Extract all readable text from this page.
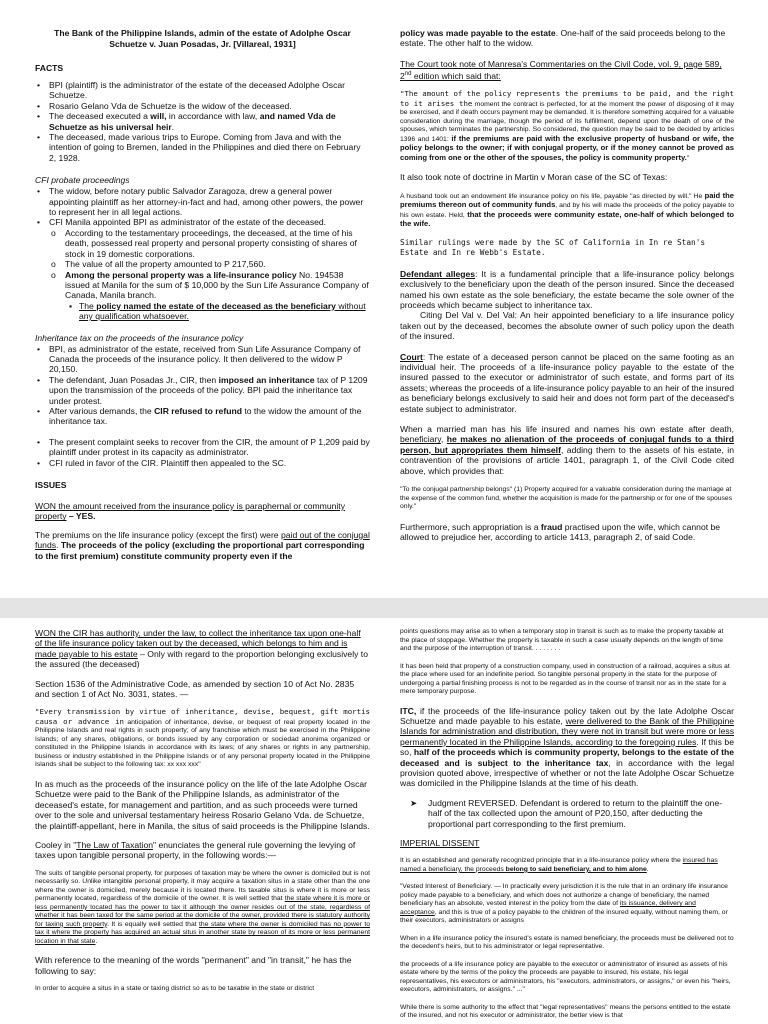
The Bank of the Philippine Islands, admin of the estate of Adolphe Oscar Schuetze v. Juan Posadas, Jr. [Villareal, 1931]

FACTS

• BPI (plaintiff) is the administrator of the estate of the deceased Adolphe Oscar Schuetze.
• Rosario Gelano Vda de Schuetze is the widow of the deceased.
• The deceased executed a will, in accordance with law, and named Vda de Schuetze as his universal heir.
• The deceased, made various trips to Europe. Coming from Java and with the intention of going to Bremen, landed in the Philippines and died there on February 2, 1928.

CFI probate proceedings

• The widow, before notary public Salvador Zaragoza, drew a general power appointing plaintiff as her attorney-in-fact and had, among other powers, the power to represent her in all legal actions.
• CFI Manila appointed BPI as administrator of the estate of the deceased.
o According to the testamentary proceedings, the deceased, at the time of his death, possessed real property and personal property consisting of shares of stock in 19 domestic corporations.
o The value of all the property amounted to P 217,560.
o Among the personal property was a life-insurance policy No. 194538 issued at Manila for the sum of $ 10,000 by the Sun Life Assurance Company of Canada, Manila branch.
▪ The policy named the estate of the deceased as the beneficiary without any qualification whatsoever.

Inheritance tax on the proceeds of the insurance policy

• BPI, as administrator of the estate, received from Sun Life Assurance Company of Canada the proceeds of the insurance policy. It then delivered to the widow P 20,150.
• The defendant, Juan Posadas Jr., CIR, then imposed an inheritance tax of P 1209 upon the transmission of the proceeds of the policy. BPI paid the inheritance tax under protest.
• After various demands, the CIR refused to refund to the widow the amount of the inheritance tax.
• The present complaint seeks to recover from the CIR, the amount of P 1,209 paid by plaintiff under protest in its capacity as administrator.
• CFI ruled in favor of the CIR. Plaintiff then appealed to the SC.

ISSUES

WON the amount received from the insurance policy is paraphernal or community property – YES.

The premiums on the life insurance policy (except the first) were paid out of the conjugal funds. The proceeds of the policy (excluding the proportional part corresponding to the first premium) constitute community property even if the

policy was made payable to the estate. One-half of the said proceeds belong to the estate. The other half to the widow.

The Court took note of Manresa's Commentaries on the Civil Code, vol. 9, page 589, 2nd edition which said that:

"The amount of the policy represents the premiums to be paid, and the right to it arises the moment the contract is perfected, for at the moment the power of disposing of it may be exercised, and if death occurs payment may be demanded. It is therefore something acquired for a valuable consideration during the marriage, though the period of its fulfillment, depend upon the death of one of the spouses, which terminates the partnership. So considered, the question may be said to be decided by articles 1396 and 1401: if the premiums are paid with the exclusive property of husband or wife, the policy belongs to the owner; if with conjugal property, or if the money cannot be proved as coming from one or the other of the spouses, the policy is community property."

It also took note of doctrine in Martin v Moran case of the SC of Texas:

A husband took out an endowment life insurance policy on his life, payable "as directed by will." He paid the premiums thereon out of community funds, and by his will made the proceeds of the policy payable to his own estate. Held, that the proceeds were community estate, one-half of which belonged to the wife.

Similar rulings were made by the SC of California in In re Stan's Estate and In re Webb's Estate.

Defendant alleges: It is a fundamental principle that a life-insurance policy belongs exclusively to the beneficiary upon the death of the person insured. Since the deceased named his own estate as the sole beneficiary, the estate became the sole owner of the proceeds which became subject to inheritance tax.

Citing Del Val v. Del Val: An heir appointed beneficiary to a life insurance policy taken out by the deceased, becomes the absolute owner of such policy upon the death of the insured.

Court: The estate of a deceased person cannot be placed on the same footing as an individual heir. The proceeds of a life-insurance policy payable to the estate of the insured passed to the executor or administrator of such estate, and forms part of its assets; whereas the proceeds of a life-insurance policy payable to an heir of the insured as beneficiary belongs exclusively to said heir and does not form part of the deceased's estate subject to administrator.

When a married man has his life insured and names his own estate after death, beneficiary, he makes no alienation of the proceeds of conjugal funds to a third person, but appropriates them himself, adding them to the assets of his estate, in contravention of the provisions of article 1401, paragraph 1, of the Civil Code cited above, which provides that:

"To the conjugal partnership belongs" (1) Property acquired for a valuable consideration during the marriage at the expense of the common fund, whether the acquisition is made for the partnership or for one of the spouses only."

Furthermore, such appropriation is a fraud practised upon the wife, which cannot be allowed to prejudice her, according to article 1413, paragraph 2, of said Code.

WON the CIR has authority, under the law, to collect the inheritance tax upon one-half of the life insurance policy taken out by the deceased, which belongs to him and is made payable to his estate – Only with regard to the proportion belonging exclusively to the assured (the deceased)

Section 1536 of the Administrative Code, as amended by section 10 of Act No. 2835 and section 1 of Act No. 3031, states. —

"Every transmission by virtue of inheritance, devise, bequest, gift mortis causa or advance in anticipation of inheritance, devise, or bequest of real property located in the Philippine Islands and real rights in such property; of any franchise which must be exercised in the Philippine Islands; of any shares, obligations, or bonds issued by any corporation or sociedad anonima organized or constituted in the Philippine Islands in accordance with its laws; of any shares or rights in any partnership, business or industry established in the Philippine Islands or of any personal property located in the Philippine Islands shall be subject to the following tax: xx xxx xxx"

In as much as the proceeds of the insurance policy on the life of the late Adolphe Oscar Schuetze were paid to the Bank of the Philippine Islands, as administrator of the deceased's estate, for management and partition, and as such proceeds were turned over to the sole and universal testamentary heiress Rosario Gelano Vda. de Schuetze, the plaintiff-appellant, here in Manila, the situs of said proceeds is the Philippine Islands.

Cooley in "The Law of Taxation" enunciates the general rule governing the levying of taxes upon tangible personal property, in the following words:—

The suits of tangible personal property, for purposes of taxation may be where the owner is domiciled but is not necessarily so. Unlike intangible personal property, it may acquire a taxation situs in a state other than the one where the owner is domiciled, merely because it is located there. Its taxable situs is where it is more or less permanently located, regardless of the domicile of the owner. It is well settled that the state where it is more or less permanently located has the power to tax it although the owner resides out of the state, regardless of whether it has been taxed for the same period at the domicile of the owner, provided there is statutory authority for taxing such property. It is equally well settled that the state where the owner is domiciled has no power to tax it where the property has acquired an actual situs in another state by reason of its more or less permanent location in that state.

With reference to the meaning of the words "permanent" and "in transit," he has the following to say:

In order to acquire a situs in a state or taxing district so as to be taxable in the state or district

points questions may arise as to when a temporary stop in transit is such as to make the property taxable at the place of stoppage. Whether the property is taxable in such a case usually depends on the length of time and the purpose of the interruption of transit. . . . . . . .

It has been held that property of a construction company, used in construction of a railroad, acquires a situs at the place where used for an indefinite period. So tangible personal property in the state for the purpose of undergoing a partial finishing process is not to be regarded as in the course of transit nor as in the state for a mere temporary purpose.

ITC, if the proceeds of the life-insurance policy taken out by the late Adolphe Oscar Schuetze and made payable to his estate, were delivered to the Bank of the Philippine Islands for administration and distribution, they were not in transit but were more or less permanently located in the Philippine Islands, according to the foregoing rules. If this be so, half of the proceeds which is community property, belongs to the estate of the deceased and is subject to the inheritance tax, in accordance with the legal provision quoted above, irrespective of whether or not the late Adolphe Oscar Schuetze was domiciled in the Philippine Islands at the time of his death.

➤ Judgment REVERSED. Defendant is ordered to return to the plaintiff the one-half of the tax collected upon the amount of P20,150, after deducting the proportional part corresponding to the first premium.

IMPERIAL DISSENT

It is an established and generally recognized principle that in a life-insurance policy where the insured has named a beneficiary, the proceeds belong to said beneficiary, and to him alone.

"Vested Interest of Beneficiary. — In practically every jurisdiction it is the rule that in an ordinary life insurance policy made payable to a beneficiary, and which does not authorize a change of beneficiary, the named beneficiary has an absolute, vested interest in the policy from the date of its issuance, delivery and acceptance, and this is true of a policy payable to the children of the insured equally, without naming them, or their executors, administrators or assigns

When in a life insurance policy the insured's estate is named beneficiary, the proceeds must be delivered not to the decedent's heirs, but to his administrator or legal representative.

the proceeds of a life insurance policy are payable to the executor or administrator of insured as assets of his estate where by the terms of the policy the proceeds are payable to insured, his estate, his legal representatives, his executors or administrators, his "executors, administrators, or assigns," or even his "heirs, executors, administrators, or assigns." ..."

While there is some authority to the effect that "legal representatives" means the persons entitled to the estate of the insured, and not his executor or administrator, the better view is that
